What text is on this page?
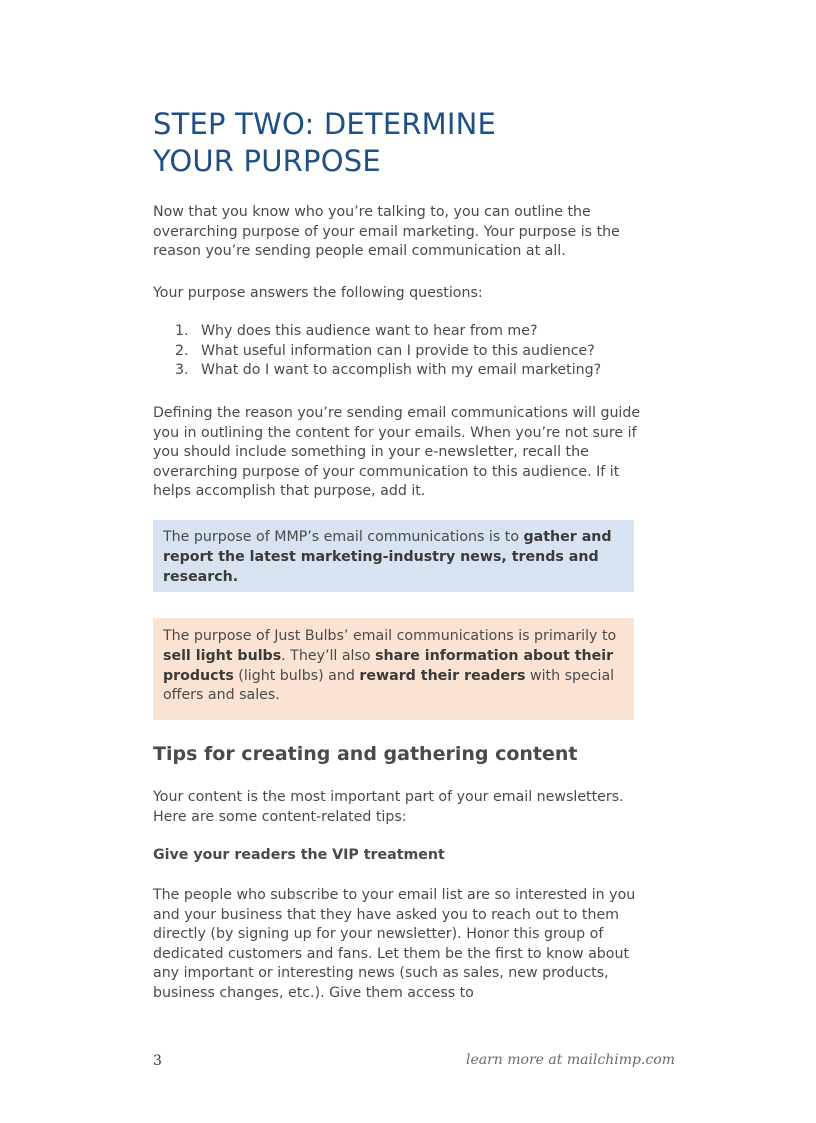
STEP TWO: DETERMINE
YOUR PURPOSE

Now that you know who you’re talking to, you can outline the overarching purpose of your email marketing. Your purpose is the reason you’re sending people email communication at all.

Your purpose answers the following questions:

1. Why does this audience want to hear from me?
2. What useful information can I provide to this audience?
3. What do I want to accomplish with my email marketing?

Defining the reason you’re sending email communications will guide you in outlining the content for your emails. When you’re not sure if you should include something in your e-newsletter, recall the overarching purpose of your communication to this audience. If it helps accomplish that purpose, add it.

The purpose of MMP’s email communications is to gather and report the latest marketing-industry news, trends and research.
The purpose of Just Bulbs’ email communications is primarily to sell light bulbs. They’ll also share information about their products (light bulbs) and reward their readers with special offers and sales.
Tips for creating and gathering content

Your content is the most important part of your email newsletters. Here are some content-related tips:

Give your readers the VIP treatment

The people who subscribe to your email list are so interested in you and your business that they have asked you to reach out to them directly (by signing up for your newsletter). Honor this group of dedicated customers and fans. Let them be the first to know about any important or interesting news (such as sales, new products, business changes, etc.). Give them access to

3	learn more at mailchimp.com
